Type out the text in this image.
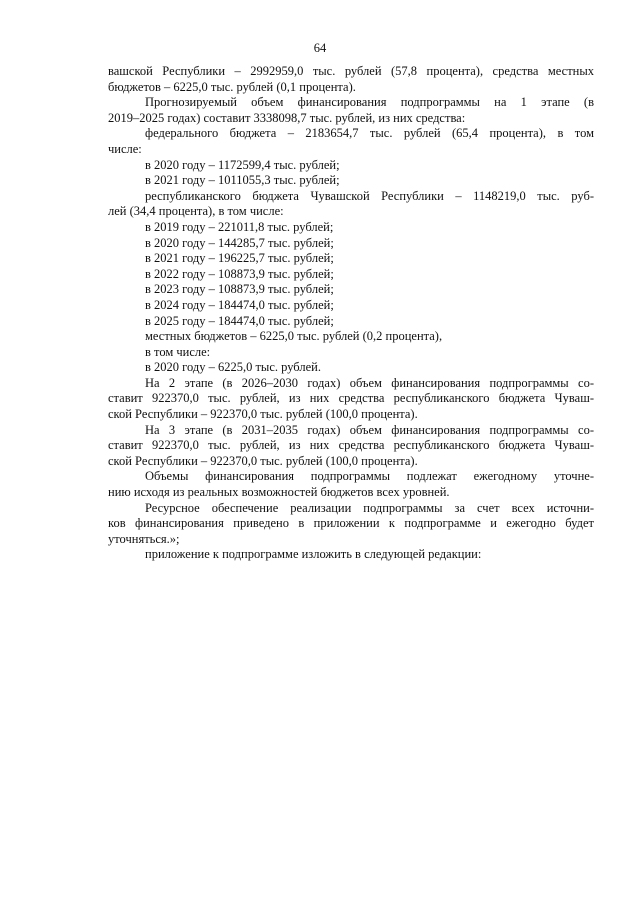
64
вашской Республики – 2992959,0 тыс. рублей (57,8 процента), средства местных
бюджетов – 6225,0 тыс. рублей (0,1 процента).
Прогнозируемый объем финансирования подпрограммы на 1 этапе (в
2019–2025 годах) составит 3338098,7 тыс. рублей, из них средства:
федерального бюджета – 2183654,7 тыс. рублей (65,4 процента), в том
числе:
в 2020 году – 1172599,4 тыс. рублей;
в 2021 году – 1011055,3 тыс. рублей;
республиканского бюджета Чувашской Республики – 1148219,0 тыс. руб-
лей (34,4 процента), в том числе:
в 2019 году – 221011,8 тыс. рублей;
в 2020 году – 144285,7 тыс. рублей;
в 2021 году – 196225,7 тыс. рублей;
в 2022 году – 108873,9 тыс. рублей;
в 2023 году – 108873,9 тыс. рублей;
в 2024 году – 184474,0 тыс. рублей;
в 2025 году – 184474,0 тыс. рублей;
местных бюджетов – 6225,0 тыс. рублей (0,2 процента),
в том числе:
в 2020 году – 6225,0 тыс. рублей.
На 2 этапе (в 2026–2030 годах) объем финансирования подпрограммы со-
ставит 922370,0 тыс. рублей, из них средства республиканского бюджета Чуваш-
ской Республики – 922370,0 тыс. рублей (100,0 процента).
На 3 этапе (в 2031–2035 годах) объем финансирования подпрограммы со-
ставит 922370,0 тыс. рублей, из них средства республиканского бюджета Чуваш-
ской Республики – 922370,0 тыс. рублей (100,0 процента).
Объемы финансирования подпрограммы подлежат ежегодному уточне-
нию исходя из реальных возможностей бюджетов всех уровней.
Ресурсное обеспечение реализации подпрограммы за счет всех источни-
ков финансирования приведено в приложении к подпрограмме и ежегодно будет
уточняться.»;
приложение к подпрограмме изложить в следующей редакции:
